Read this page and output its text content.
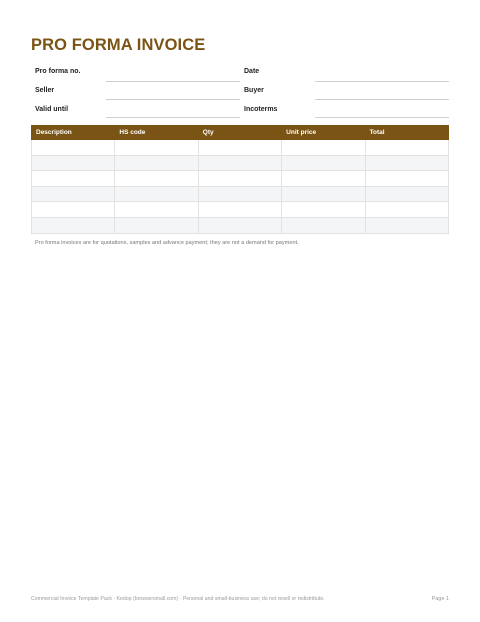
PRO FORMA INVOICE
Pro forma no.	Date
Seller	Buyer
Valid until	Incoterms
Description	HS code	Qty	Unit price	Total

Pro forma invoices are for quotations, samples and advance payment; they are not a demand for payment.
Commercial Invoice Template Pack · Kedop (browsersmall.com) · Personal and small-business use; do not resell or redistribute.	Page 1
